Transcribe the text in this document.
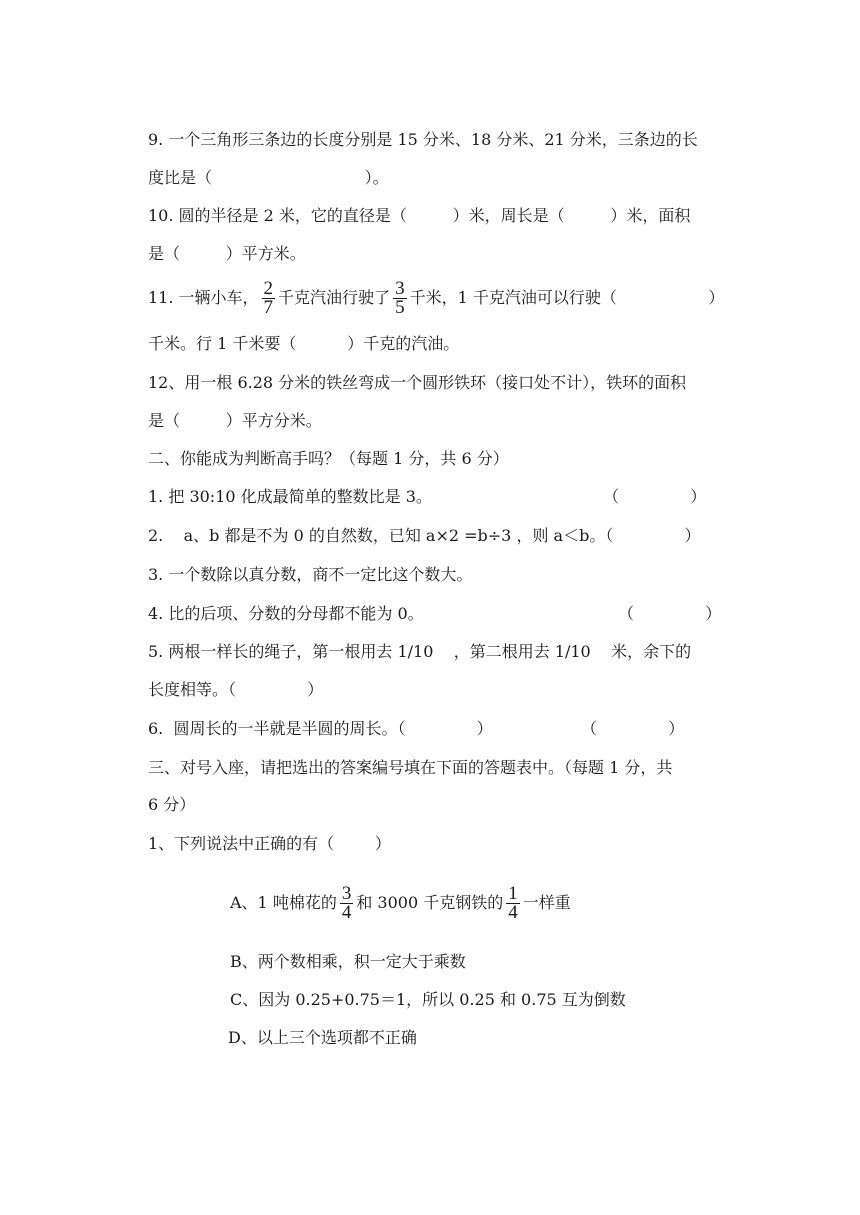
9. 一个三角形三条边的长度分别是 15 分米、18 分米、21 分米，三条边的长
度比是（                              ）。
10. 圆的半径是 2 米，它的直径是（         ）米，周长是（         ）米，面积
是（         ）平方米。
11. 一辆小车， $\frac{2}{7}$ 千克汽油行驶了 $\frac{3}{5}$ 千米，1 千克汽油可以行驶（                  ）
千米。行 1 千米要（          ）千克的汽油。
12、用一根 6.28 分米的铁丝弯成一个圆形铁环（接口处不计），铁环的面积
是（         ）平方分米。
二、你能成为判断高手吗？（每题 1 分，共 6 分）
1. 把 30:10 化成最简单的整数比是 3。	（              ）
2.    a、b 都是不为 0 的自然数，已知 a×2 =b÷3 ，则 a＜b。（              ）
3. 一个数除以真分数，商不一定比这个数大。
4. 比的后项、分数的分母都不能为 0。	（              ）
5. 两根一样长的绳子，第一根用去 1/10    ，第二根用去 1/10    米，余下的
长度相等。（              ）
6.  圆周长的一半就是半圆的周长。（              ）	（              ）
三、对号入座，请把选出的答案编号填在下面的答题表中。（每题 1 分，共
6 分）
1、下列说法中正确的有（        ）
A、1 吨棉花的 $\frac{3}{4}$ 和 3000 千克钢铁的 $\frac{1}{4}$ 一样重
B、两个数相乘，积一定大于乘数
C、因为 0.25+0.75＝1，所以 0.25 和 0.75 互为倒数
D、以上三个选项都不正确
